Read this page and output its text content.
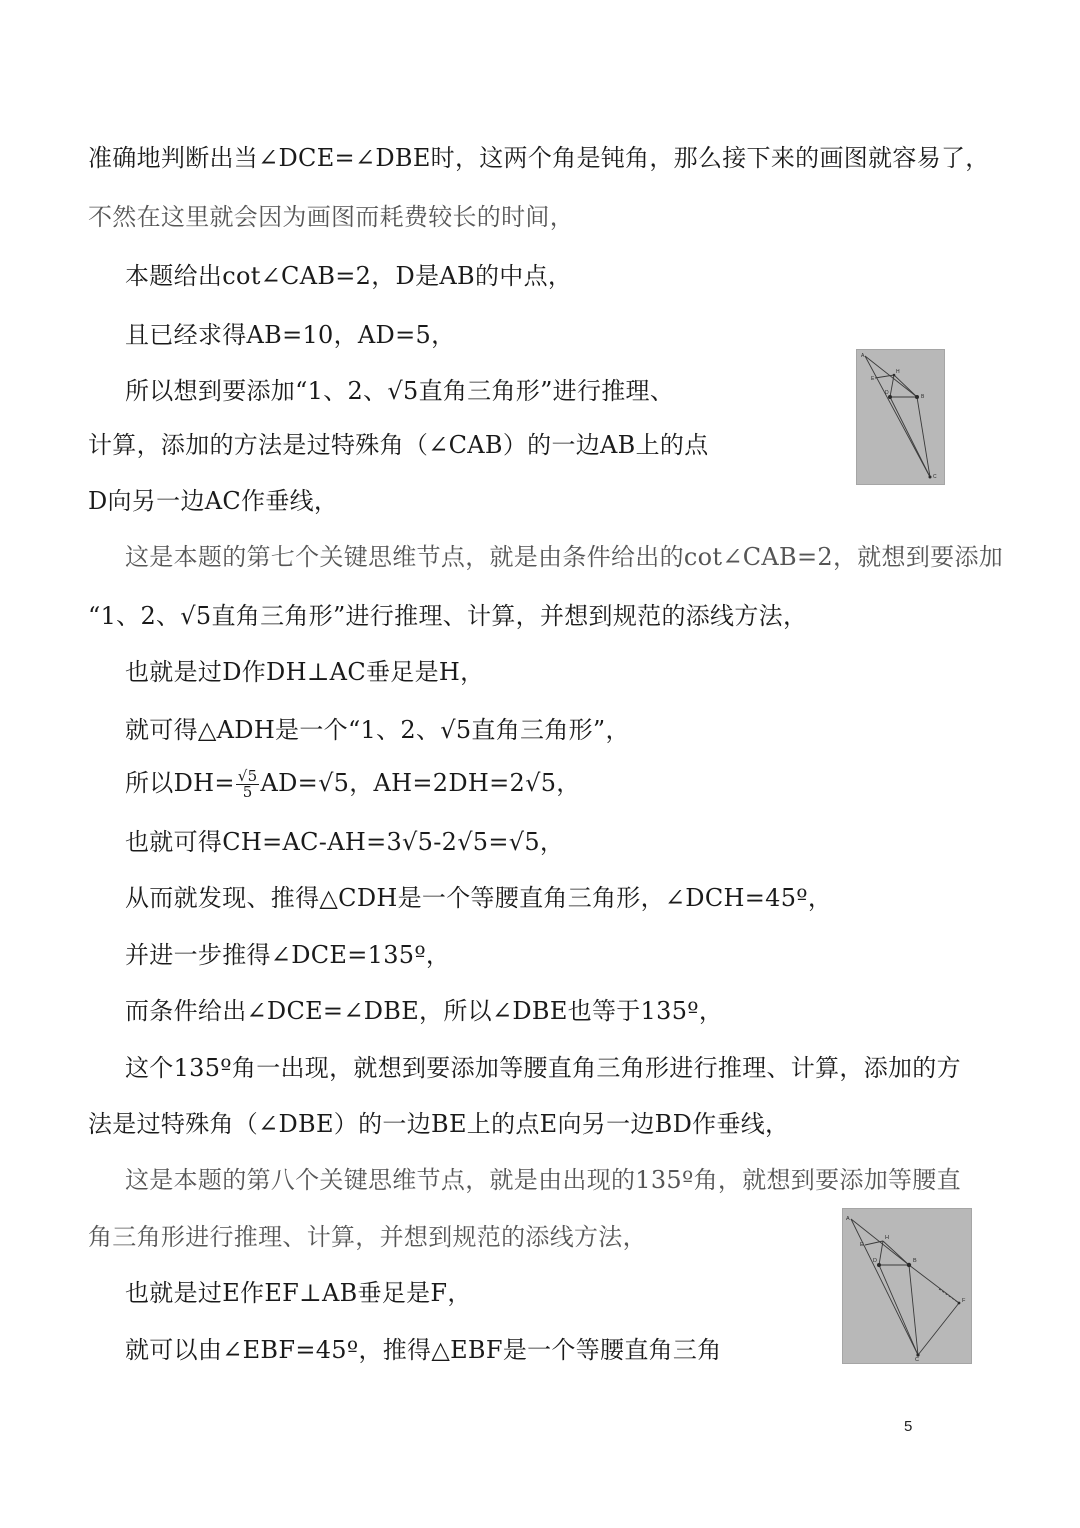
准确地判断出当∠DCE=∠DBE时，这两个角是钝角，那么接下来的画图就容易了，
不然在这里就会因为画图而耗费较长的时间，
本题给出cot∠CAB=2，D是AB的中点，
且已经求得AB=10，AD=5，
所以想到要添加“1、2、√5直角三角形”进行推理、
计算，添加的方法是过特殊角（∠CAB）的一边AB上的点
D向另一边AC作垂线，
这是本题的第七个关键思维节点，就是由条件给出的cot∠CAB=2，就想到要添加
“1、2、√5直角三角形”进行推理、计算，并想到规范的添线方法，
也就是过D作DH⊥AC垂足是H，
就可得△ADH是一个“1、2、√5直角三角形”，
所以$DH= \frac{√5}{5} AD=√5$，AH=2DH=2√5，
也就可得CH=AC-AH=3√5-2√5=√5，
从而就发现、推得△CDH是一个等腰直角三角形，∠DCH=45º，
并进一步推得∠DCE=135º，
而条件给出∠DCE=∠DBE，所以∠DBE也等于135º，
这个135º角一出现，就想到要添加等腰直角三角形进行推理、计算，添加的方
法是过特殊角（∠DBE）的一边BE上的点E向另一边BD作垂线，
这是本题的第八个关键思维节点，就是由出现的135º角，就想到要添加等腰直
角三角形进行推理、计算，并想到规范的添线方法，
也就是过E作EF⊥AB垂足是F，
就可以由∠EBF=45º，推得△EBF是一个等腰直角三角
A
B
D
C
H
E
A
B
D
C
H
F
E
5
